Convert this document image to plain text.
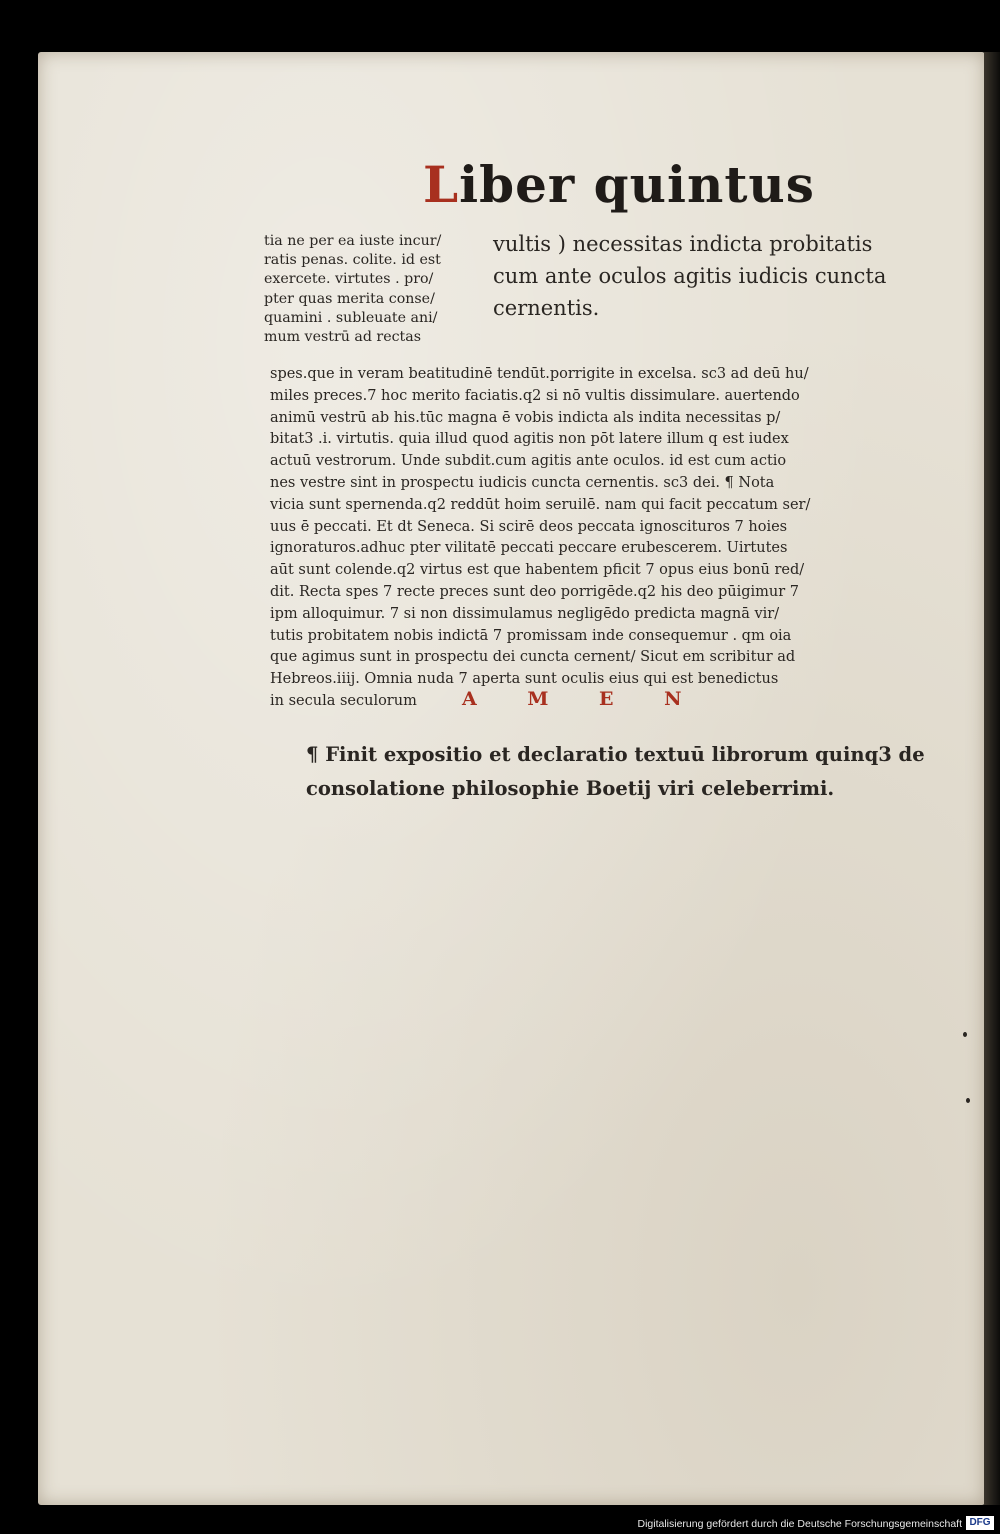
Liber quintus
tia ne per ea iuste incur/
ratis penas. colite. id est
exercete. virtutes . pro/
pter quas merita conse/
quamini . subleuate ani/
mum vestrū ad rectas
vultis ) necessitas indicta probitatis
cum ante oculos agitis iudicis cuncta
cernentis.
spes.que in veram beatitudinē tendūt.porrigite in excelsa. sc3 ad deū hu/
miles preces.7 hoc merito faciatis.q2 si nō vultis dissimulare. auertendo
animū vestrū ab his.tūc magna ē vobis indicta als indita necessitas p/
bitat3 .i. virtutis. quia illud quod agitis non pōt latere illum q est iudex
actuū vestrorum. Unde subdit.cum agitis ante oculos. id est cum actio
nes vestre sint in prospectu iudicis cuncta cernentis. sc3 dei. ¶ Nota
vicia sunt spernenda.q2 reddūt hoim seruilē. nam qui facit peccatum ser/
uus ē peccati. Et dt Seneca. Si scirē deos peccata ignoscituros 7 hoies
ignoraturos.adhuc pter vilitatē peccati peccare erubescerem. Uirtutes
aūt sunt colende.q2 virtus est que habentem pficit 7 opus eius bonū red/
dit. Recta spes 7 recte preces sunt deo porrigēde.q2 his deo pūigimur 7
ipm alloquimur. 7 si non dissimulamus negligēdo predicta magnā vir/
tutis probitatem nobis indictā 7 promissam inde consequemur . qm oia
que agimus sunt in prospectu dei cuncta cernent/ Sicut em scribitur ad
Hebreos.iiij. Omnia nuda 7 aperta sunt oculis eius qui est benedictus
in secula seculorum	A M E N
¶ Finit expositio et declaratio textuū librorum quinq3 de
consolatione philosophie Boetij viri celeberrimi.
Digitalisierung gefördert durch die Deutsche Forschungsgemeinschaft DFG
